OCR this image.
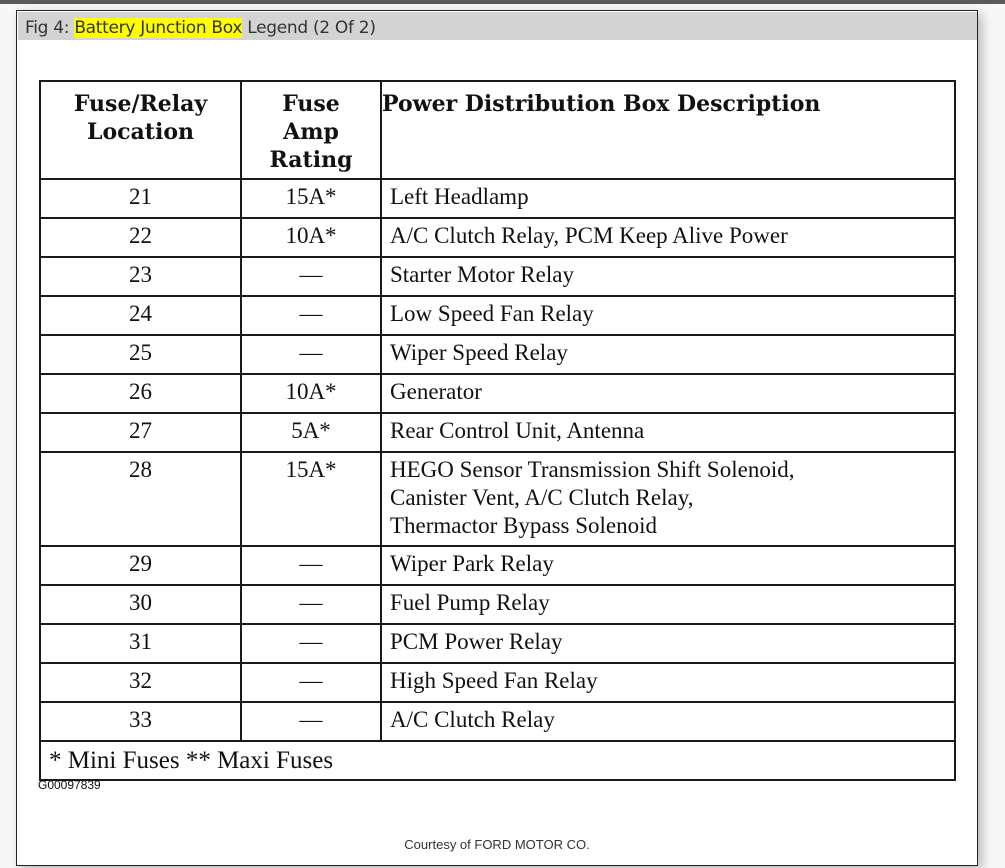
Fig 4: Battery Junction Box Legend (2 Of 2)
Fuse/Relay Location	Fuse Amp Rating	Power Distribution Box Description
21	15A*	Left Headlamp
22	10A*	A/C Clutch Relay, PCM Keep Alive Power
23	—	Starter Motor Relay
24	—	Low Speed Fan Relay
25	—	Wiper Speed Relay
26	10A*	Generator
27	5A*	Rear Control Unit, Antenna
28	15A*	HEGO Sensor Transmission Shift Solenoid,
Canister Vent, A/C Clutch Relay,
Thermactor Bypass Solenoid

29	—	Wiper Park Relay
30	—	Fuel Pump Relay
31	—	PCM Power Relay
32	—	High Speed Fan Relay
33	—	A/C Clutch Relay
* Mini Fuses ** Maxi Fuses		
G00097839
Courtesy of FORD MOTOR CO.
